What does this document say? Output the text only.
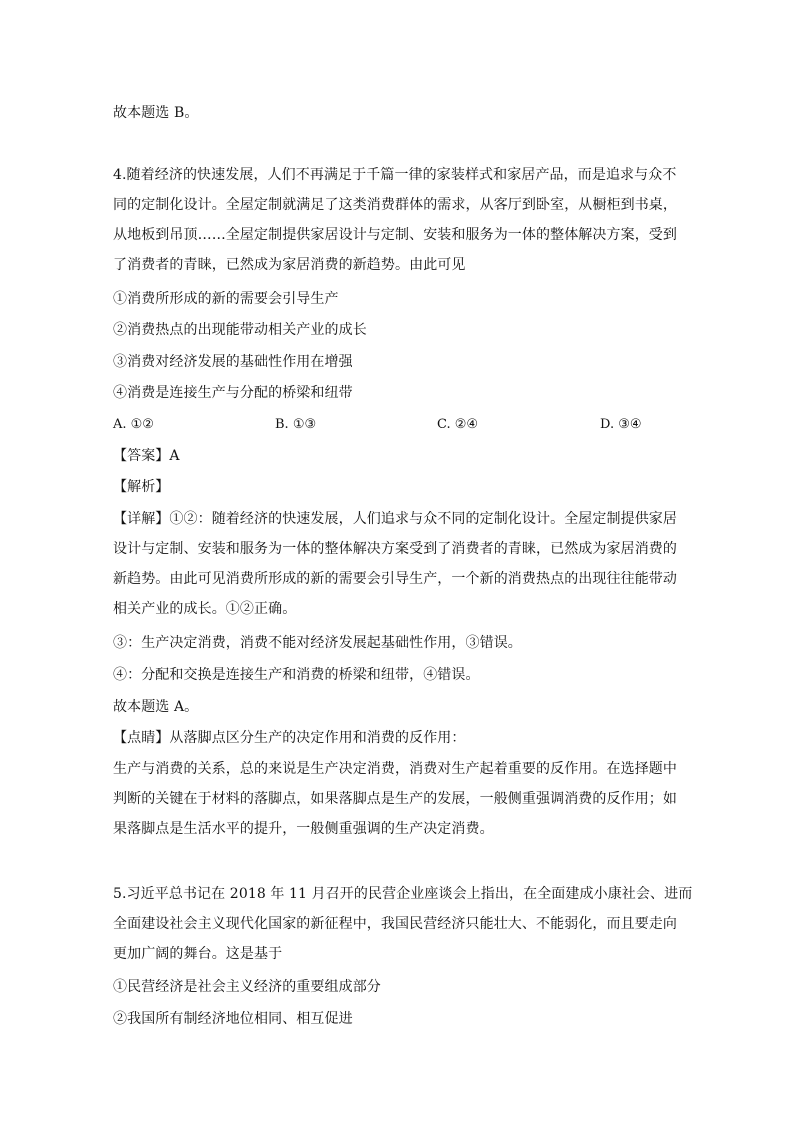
故本题选 B。
4.随着经济的快速发展，人们不再满足于千篇一律的家装样式和家居产品，而是追求与众不
同的定制化设计。全屋定制就满足了这类消费群体的需求，从客厅到卧室，从橱柜到书桌，
从地板到吊顶……全屋定制提供家居设计与定制、安装和服务为一体的整体解决方案，受到
了消费者的青睐，已然成为家居消费的新趋势。由此可见
①消费所形成的新的需要会引导生产
②消费热点的出现能带动相关产业的成长
③消费对经济发展的基础性作用在增强
④消费是连接生产与分配的桥梁和纽带
A. ①②	B. ①③	C. ②④	D. ③④
【答案】A
【解析】
【详解】①②：随着经济的快速发展，人们追求与众不同的定制化设计。全屋定制提供家居
设计与定制、安装和服务为一体的整体解决方案受到了消费者的青睐，已然成为家居消费的
新趋势。由此可见消费所形成的新的需要会引导生产，一个新的消费热点的出现往往能带动
相关产业的成长。①②正确。
③：生产决定消费，消费不能对经济发展起基础性作用，③错误。
④：分配和交换是连接生产和消费的桥梁和纽带，④错误。
故本题选 A。
【点睛】从落脚点区分生产的决定作用和消费的反作用：
生产与消费的关系，总的来说是生产决定消费，消费对生产起着重要的反作用。在选择题中
判断的关键在于材料的落脚点，如果落脚点是生产的发展，一般侧重强调消费的反作用；如
果落脚点是生活水平的提升，一般侧重强调的生产决定消费。
5.习近平总书记在 2018 年 11 月召开的民营企业座谈会上指出，在全面建成小康社会、进而
全面建设社会主义现代化国家的新征程中，我国民营经济只能壮大、不能弱化，而且要走向
更加广阔的舞台。这是基于
①民营经济是社会主义经济的重要组成部分
②我国所有制经济地位相同、相互促进
